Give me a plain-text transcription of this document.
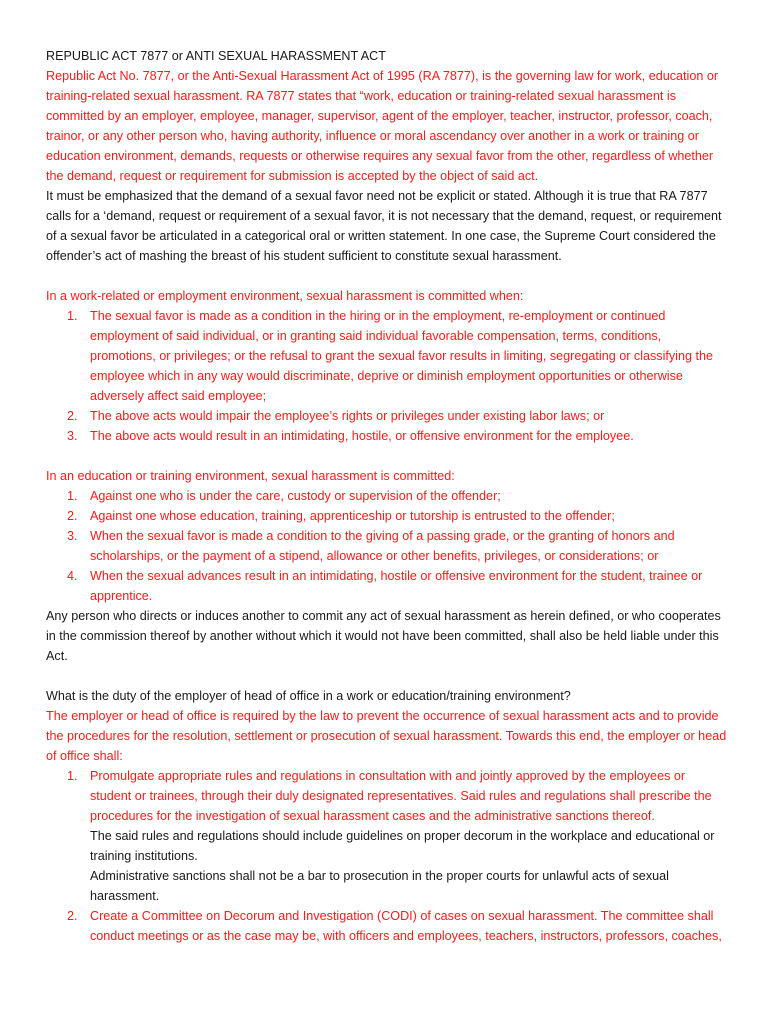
REPUBLIC ACT 7877 or ANTI SEXUAL HARASSMENT ACT

Republic Act No. 7877, or the Anti-Sexual Harassment Act of 1995 (RA 7877), is the governing law for work, education or training-related sexual harassment. RA 7877 states that “work, education or training-related sexual harassment is committed by an employer, employee, manager, supervisor, agent of the employer, teacher, instructor, professor, coach, trainor, or any other person who, having authority, influence or moral ascendancy over another in a work or training or education environment, demands, requests or otherwise requires any sexual favor from the other, regardless of whether the demand, request or requirement for submission is accepted by the object of said act.

It must be emphasized that the demand of a sexual favor need not be explicit or stated. Although it is true that RA 7877 calls for a ‘demand, request or requirement of a sexual favor, it is not necessary that the demand, request, or requirement of a sexual favor be articulated in a categorical oral or written statement. In one case, the Supreme Court considered the offender’s act of mashing the breast of his student sufficient to constitute sexual harassment.

In a work-related or employment environment, sexual harassment is committed when:

1. The sexual favor is made as a condition in the hiring or in the employment, re-employment or continued employment of said individual, or in granting said individual favorable compensation, terms, conditions, promotions, or privileges; or the refusal to grant the sexual favor results in limiting, segregating or classifying the employee which in any way would discriminate, deprive or diminish employment opportunities or otherwise adversely affect said employee;
2. The above acts would impair the employee’s rights or privileges under existing labor laws; or
3. The above acts would result in an intimidating, hostile, or offensive environment for the employee.

In an education or training environment, sexual harassment is committed:

1. Against one who is under the care, custody or supervision of the offender;
2. Against one whose education, training, apprenticeship or tutorship is entrusted to the offender;
3. When the sexual favor is made a condition to the giving of a passing grade, or the granting of honors and scholarships, or the payment of a stipend, allowance or other benefits, privileges, or considerations; or
4. When the sexual advances result in an intimidating, hostile or offensive environment for the student, trainee or apprentice.

Any person who directs or induces another to commit any act of sexual harassment as herein defined, or who cooperates in the commission thereof by another without which it would not have been committed, shall also be held liable under this Act.

What is the duty of the employer of head of office in a work or education/training environment?

The employer or head of office is required by the law to prevent the occurrence of sexual harassment acts and to provide the procedures for the resolution, settlement or prosecution of sexual harassment. Towards this end, the employer or head of office shall:

1. Promulgate appropriate rules and regulations in consultation with and jointly approved by the employees or student or trainees, through their duly designated representatives. Said rules and regulations shall prescribe the procedures for the investigation of sexual harassment cases and the administrative sanctions thereof.
The said rules and regulations should include guidelines on proper decorum in the workplace and educational or training institutions.
Administrative sanctions shall not be a bar to prosecution in the proper courts for unlawful acts of sexual harassment.
2. Create a Committee on Decorum and Investigation (CODI) of cases on sexual harassment. The committee shall conduct meetings or as the case may be, with officers and employees, teachers, instructors, professors, coaches,
